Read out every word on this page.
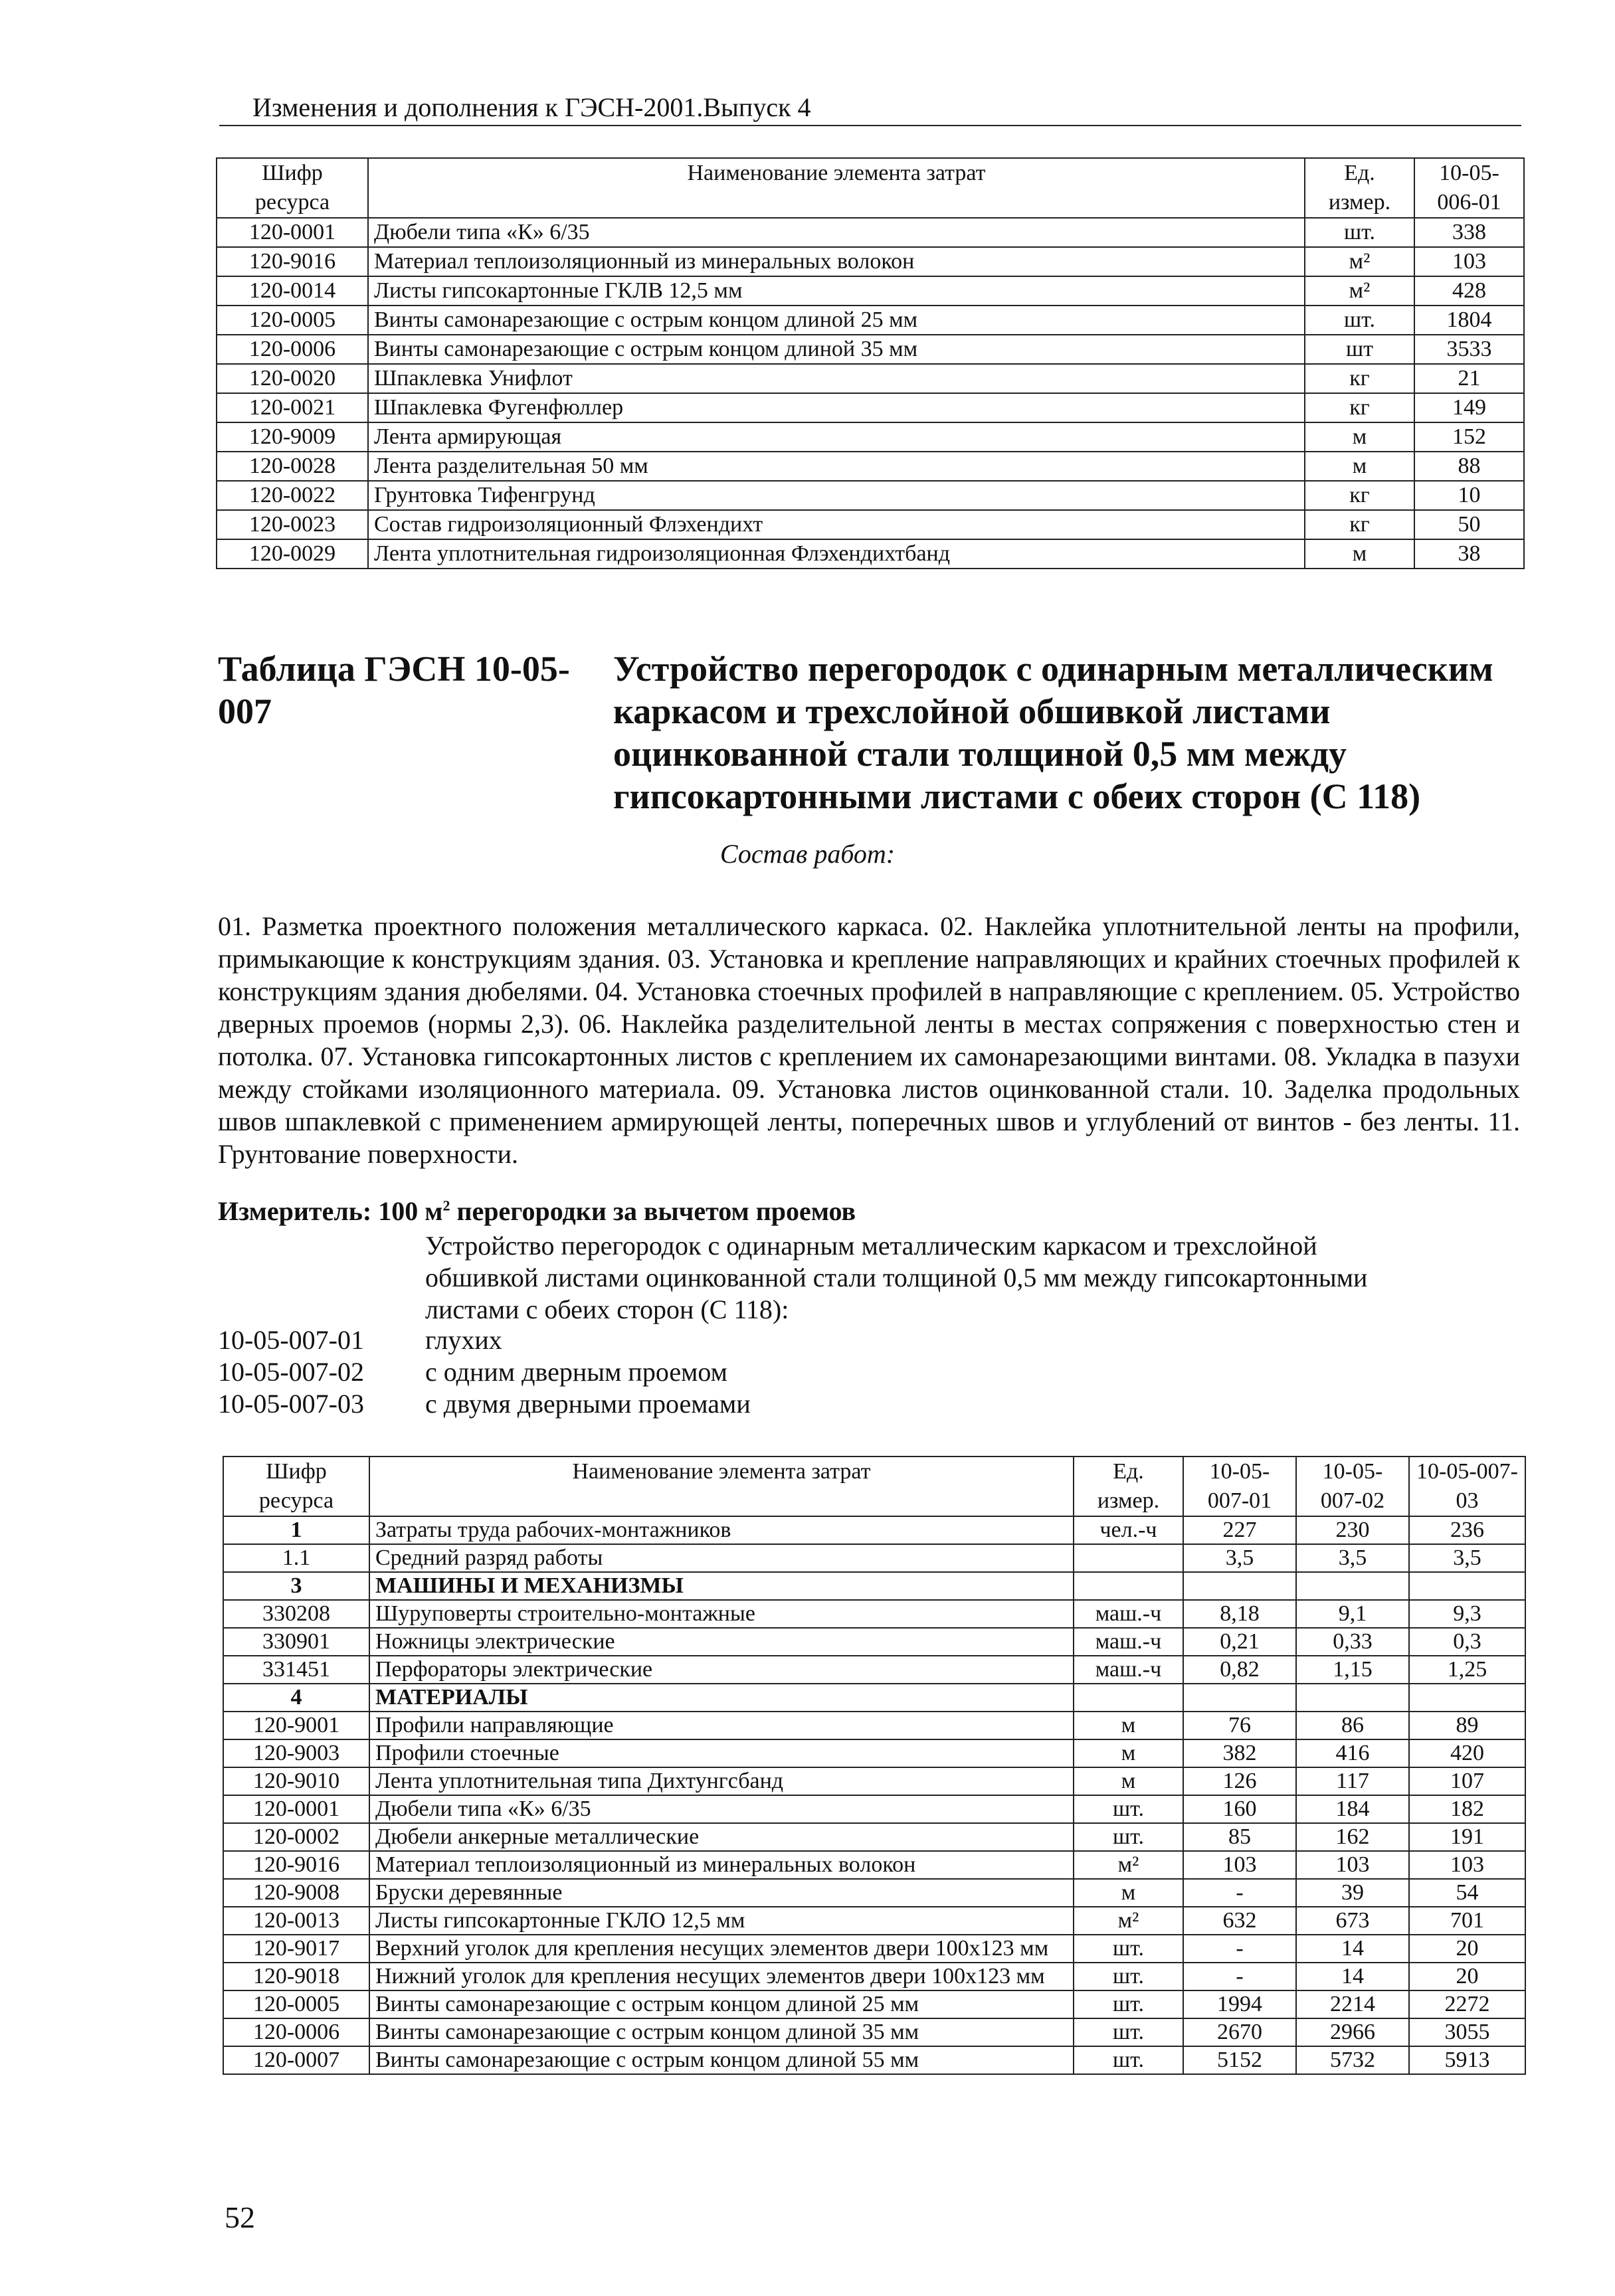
Изменения и дополнения к ГЭСН-2001.Выпуск 4
Шифр ресурса	Наименование элемента затрат	Ед. измер.	10-05-006-01
120-0001	Дюбели типа «К» 6/35	шт.	338
120-9016	Материал теплоизоляционный из минеральных волокон	м²	103
120-0014	Листы гипсокартонные ГКЛВ 12,5 мм	м²	428
120-0005	Винты самонарезающие с острым концом длиной 25 мм	шт.	1804
120-0006	Винты самонарезающие с острым концом длиной 35 мм	шт	3533
120-0020	Шпаклевка Унифлот	кг	21
120-0021	Шпаклевка Фугенфюллер	кг	149
120-9009	Лента армирующая	м	152
120-0028	Лента разделительная 50 мм	м	88
120-0022	Грунтовка Тифенгрунд	кг	10
120-0023	Состав гидроизоляционный Флэхендихт	кг	50
120-0029	Лента уплотнительная гидроизоляционная Флэхендихтбанд	м	38
Таблица ГЭСН 10-05-007
Устройство перегородок с одинарным металлическим каркасом и трехслойной обшивкой листами оцинкованной стали толщиной 0,5 мм между гипсокартонными листами с обеих сторон (С 118)
Состав работ:
01. Разметка проектного положения металлического каркаса. 02. Наклейка уплотнительной ленты на профили, примыкающие к конструкциям здания. 03. Установка и крепление направляющих и крайних стоечных профилей к конструкциям здания дюбелями. 04. Установка стоечных профилей в направляющие с креплением. 05. Устройство дверных проемов (нормы 2,3). 06. Наклейка разделительной ленты в местах сопряжения с поверхностью стен и потолка. 07. Установка гипсокартонных листов с креплением их самонарезающими винтами. 08. Укладка в пазухи между стойками изоляционного материала. 09. Установка листов оцинкованной стали. 10. Заделка продольных швов шпаклевкой с применением армирующей ленты, поперечных швов и углублений от винтов - без ленты. 11. Грунтование поверхности.
Измеритель: 100 $м^2$ перегородки за вычетом проемов
Устройство перегородок с одинарным металлическим каркасом и трехслойной обшивкой листами оцинкованной стали толщиной 0,5 мм между гипсокартонными листами с обеих сторон (С 118):
10-05-007-01 глухих
10-05-007-02 с одним дверным проемом
10-05-007-03 с двумя дверными проемами
Шифр ресурса	Наименование элемента затрат	Ед. измер.	10-05-007-01	10-05-007-02	10-05-007-03
1	Затраты труда рабочих-монтажников	чел.-ч	227	230	236
1.1	Средний разряд работы		3,5	3,5	3,5
3	МАШИНЫ И МЕХАНИЗМЫ				
330208	Шуруповерты строительно-монтажные	маш.-ч	8,18	9,1	9,3
330901	Ножницы электрические	маш.-ч	0,21	0,33	0,3
331451	Перфораторы электрические	маш.-ч	0,82	1,15	1,25
4	МАТЕРИАЛЫ				
120-9001	Профили направляющие	м	76	86	89
120-9003	Профили стоечные	м	382	416	420
120-9010	Лента уплотнительная типа Дихтунгсбанд	м	126	117	107
120-0001	Дюбели типа «К» 6/35	шт.	160	184	182
120-0002	Дюбели анкерные металлические	шт.	85	162	191
120-9016	Материал теплоизоляционный из минеральных волокон	м²	103	103	103
120-9008	Бруски деревянные	м	-	39	54
120-0013	Листы гипсокартонные ГКЛО 12,5 мм	м²	632	673	701
120-9017	Верхний уголок для крепления несущих элементов двери 100х123 мм	шт.	-	14	20
120-9018	Нижний уголок для крепления несущих элементов двери 100х123 мм	шт.	-	14	20
120-0005	Винты самонарезающие с острым концом длиной 25 мм	шт.	1994	2214	2272
120-0006	Винты самонарезающие с острым концом длиной 35 мм	шт.	2670	2966	3055
120-0007	Винты самонарезающие с острым концом длиной 55 мм	шт.	5152	5732	5913
52
